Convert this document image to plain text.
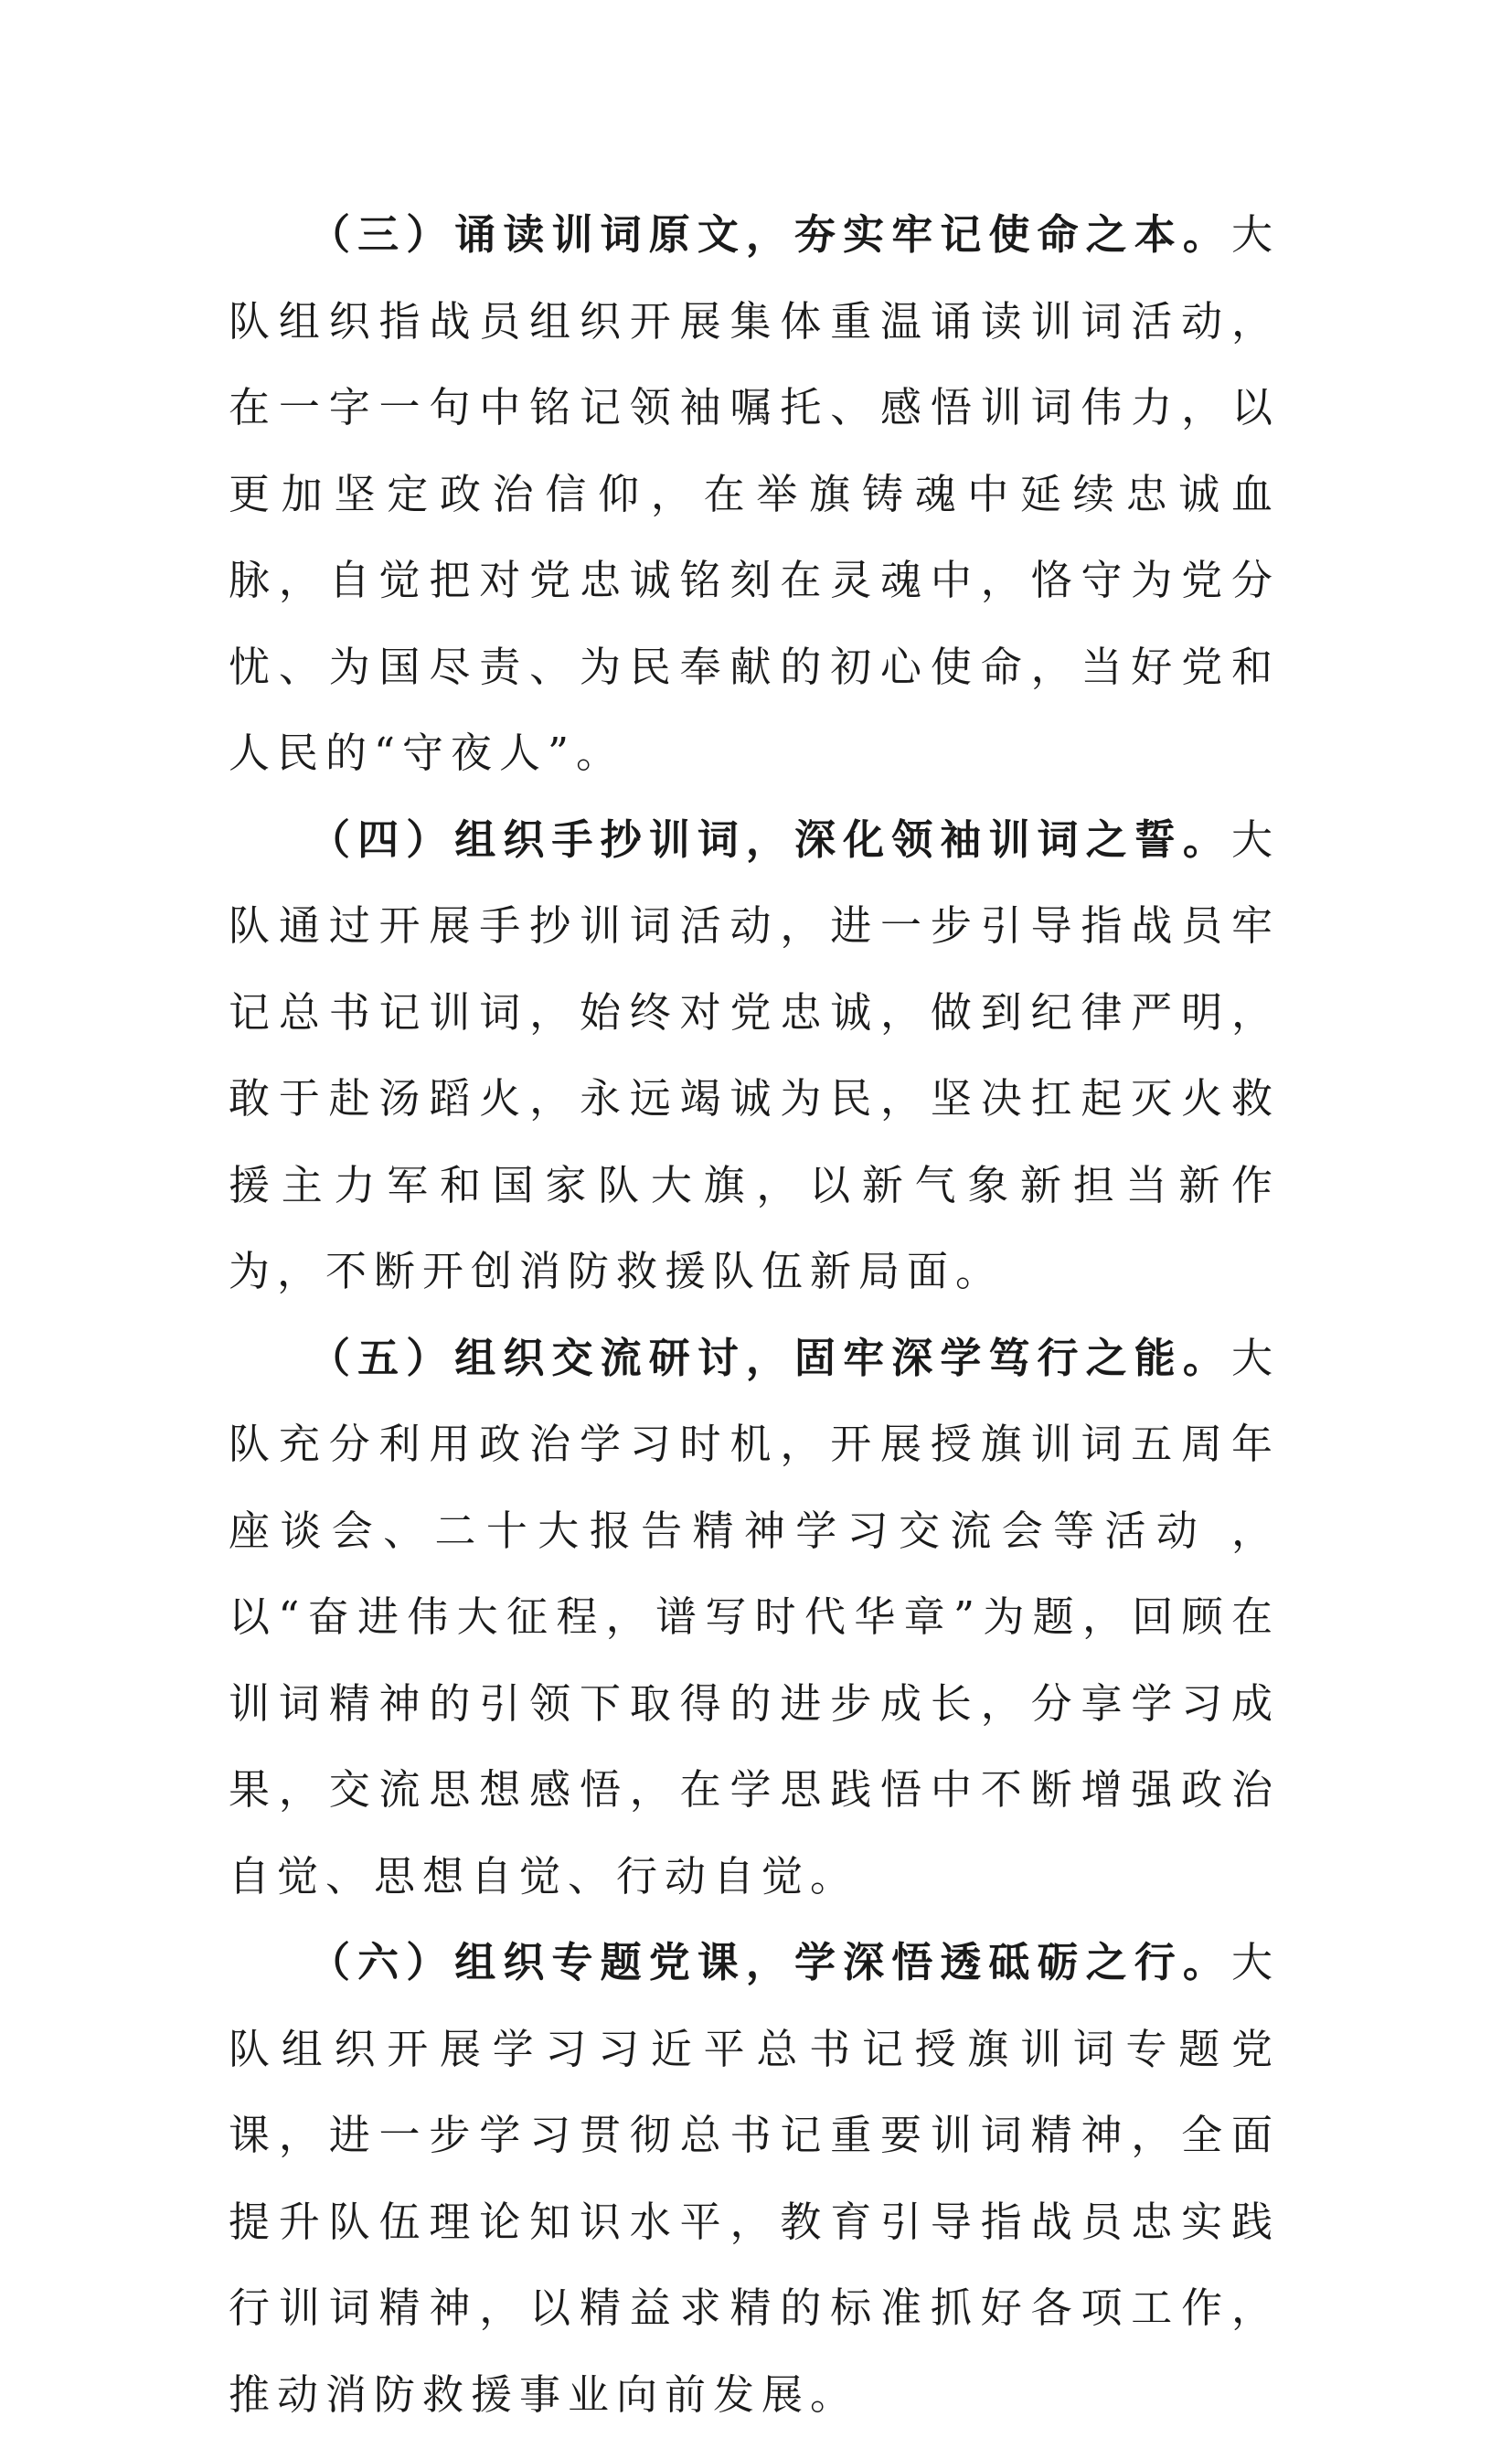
（三）诵读训词原文，夯实牢记使命之本。大队组织指战员组织开展集体重温诵读训词活动，在一字一句中铭记领袖嘱托、感悟训词伟力，以更加坚定政治信仰，在举旗铸魂中延续忠诚血脉，自觉把对党忠诚铭刻在灵魂中，恪守为党分忧、为国尽责、为民奉献的初心使命，当好党和人民的“守夜人”。

（四）组织手抄训词，深化领袖训词之誓。大队通过开展手抄训词活动，进一步引导指战员牢记总书记训词，始终对党忠诚，做到纪律严明，敢于赴汤蹈火，永远竭诚为民，坚决扛起灭火救援主力军和国家队大旗，以新气象新担当新作为，不断开创消防救援队伍新局面。

（五）组织交流研讨，固牢深学笃行之能。大队充分利用政治学习时机，开展授旗训词五周年座谈会、二十大报告精神学习交流会等活动 ，以“奋进伟大征程，谱写时代华章”为题，回顾在训词精神的引领下取得的进步成长，分享学习成果，交流思想感悟，在学思践悟中不断增强政治自觉、思想自觉、行动自觉。

（六）组织专题党课，学深悟透砥砺之行。大队组织开展学习习近平总书记授旗训词专题党课，进一步学习贯彻总书记重要训词精神，全面提升队伍理论知识水平，教育引导指战员忠实践行训词精神，以精益求精的标准抓好各项工作，推动消防救援事业向前发展。
